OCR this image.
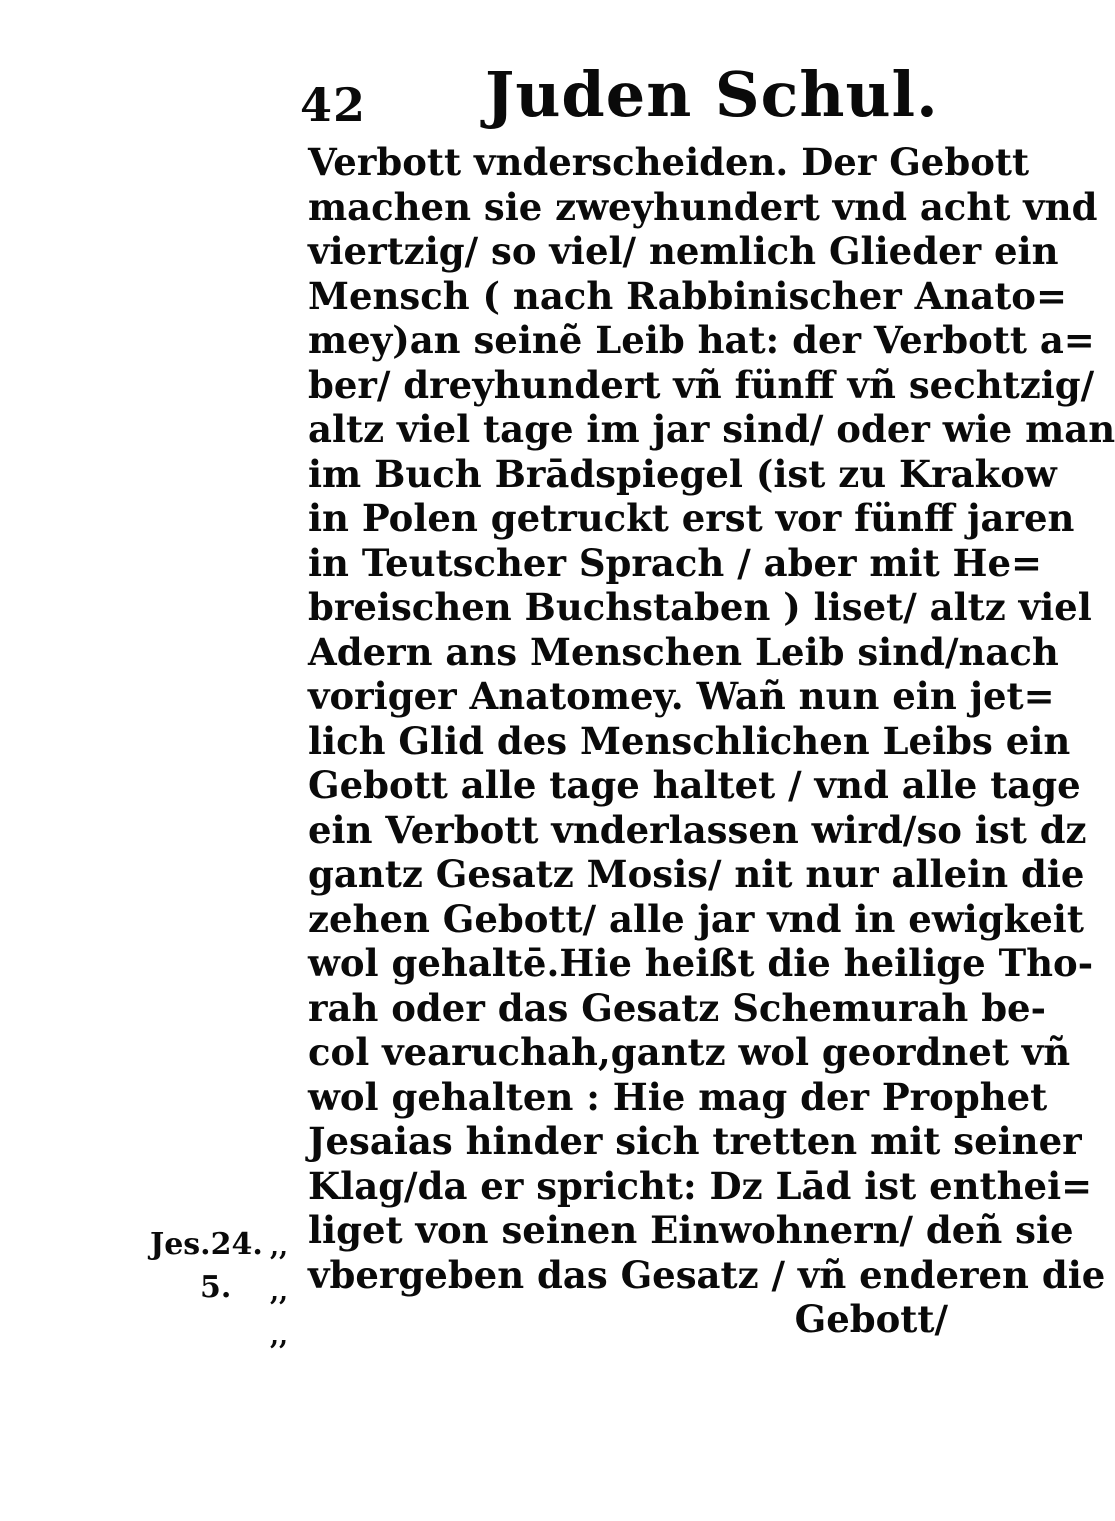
42 Juden Schul.
Verbott vnderscheiden. Der Gebott
machen sie zweyhundert vnd acht vnd
viertzig/ so viel/ nemlich Glieder ein
Mensch ( nach Rabbinischer Anato=
mey)an seinẽ Leib hat: der Verbott a=
ber/ dreyhundert vñ fünff vñ sechtzig/
altz viel tage im jar sind/ oder wie man
im Buch Brādspiegel (ist zu Krakow
in Polen getruckt erst vor fünff jaren
in Teutscher Sprach / aber mit He=
breischen Buchstaben ) liset/ altz viel
Adern ans Menschen Leib sind/nach
voriger Anatomey. Wañ nun ein jet=
lich Glid des Menschlichen Leibs ein
Gebott alle tage haltet / vnd alle tage
ein Verbott vnderlassen wird/so ist dz
gantz Gesatz Mosis/ nit nur allein die
zehen Gebott/ alle jar vnd in ewigkeit
wol gehaltē.Hie heißt die heilige Tho-
rah oder das Gesatz Schemurah be-
col vearuchah,gantz wol geordnet vñ
wol gehalten : Hie mag der Prophet
Jesaias hinder sich tretten mit seiner
Klag/da er spricht: Dz Lād ist enthei=
liget von seinen Einwohnern/ deñ sie
vbergeben das Gesatz / vñ enderen die
Gebott/
Jes.24.
5.
,,
,,
,,
